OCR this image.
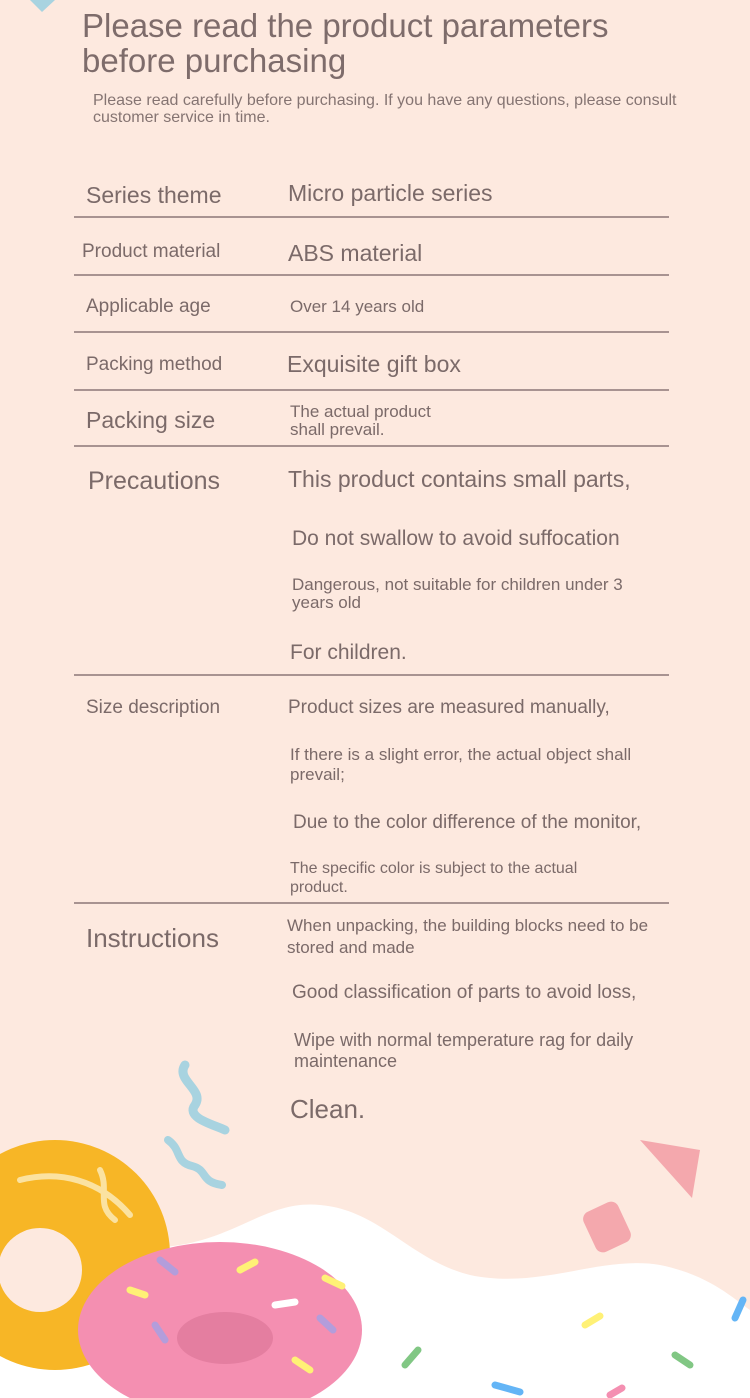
Please read the product parameters before purchasing

Please read carefully before purchasing. If you have any questions, please consult customer service in time.

Series theme	Micro particle series
Product material	ABS material
Applicable age	Over 14 years old
Packing method	Exquisite gift box
Packing size	The actual product shall prevail.
Precautions	This product contains small parts,
Do not swallow to avoid suffocation
Dangerous, not suitable for children under 3 years old
For children.
Size description	Product sizes are measured manually,
If there is a slight error, the actual object shall prevail;
Due to the color difference of the monitor,
The specific color is subject to the actual product.
Instructions	When unpacking, the building blocks need to be stored and made
Good classification of parts to avoid loss,
Wipe with normal temperature rag for daily maintenance
Clean.
